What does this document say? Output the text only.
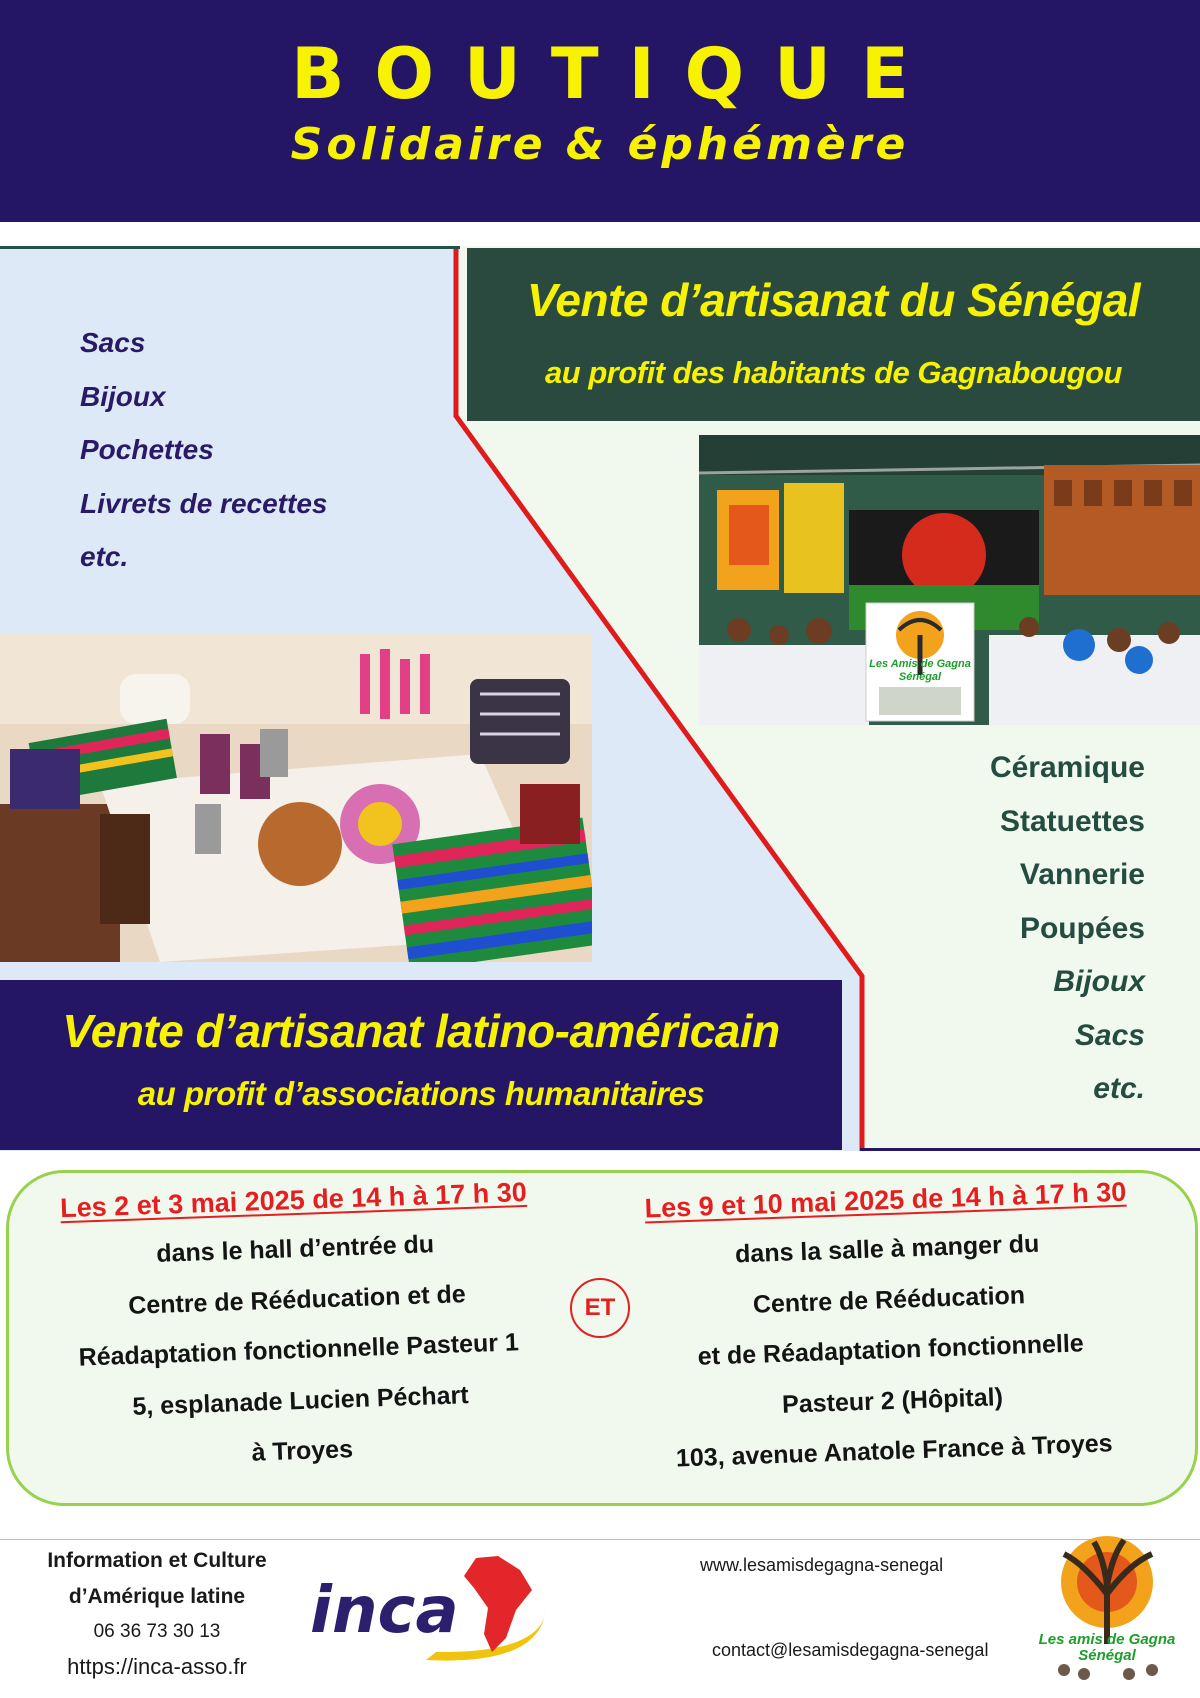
BOUTIQUE
Solidaire & éphémère
Vente d’artisanat du Sénégal
au profit des habitants de Gagnabougou
Sacs
Bijoux
Pochettes
Livrets de recettes
etc.
Les Amis de Gagna
Sénégal
Céramique
Statuettes
Vannerie
Poupées
Bijoux
Sacs
etc.
Vente d’artisanat latino-américain
au profit d’associations humanitaires
Les 2 et 3 mai 2025 de 14 h à 17 h 30
dans le hall d’entrée du
Centre de Rééducation et de
Réadaptation fonctionnelle Pasteur 1
5, esplanade Lucien Péchart
à Troyes
ET
Les 9 et 10 mai 2025 de 14 h à 17 h 30
dans la salle à manger du
Centre de Rééducation
et de Réadaptation fonctionnelle
Pasteur 2 (Hôpital)
103, avenue Anatole France à Troyes
Information et Culture
d’Amérique latine
06 36 73 30 13
https://inca-asso.fr
inca
www.lesamisdegagna-senegal
contact@lesamisdegagna-senegal
Les amis de Gagna
Sénégal
